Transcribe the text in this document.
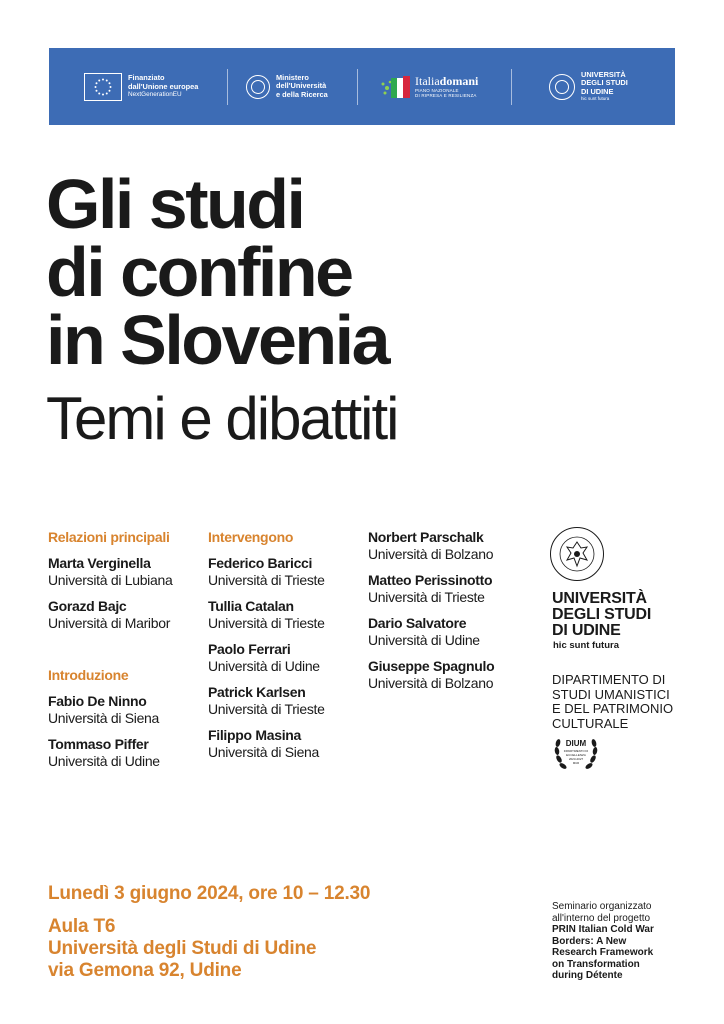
Finanziato
dall'Unione europea
NextGenerationEU
Ministero
dell'Università
e della Ricerca
Italiadomani
PIANO NAZIONALE
DI RIPRESA E RESILIENZA
UNIVERSITÀ
DEGLI STUDI
DI UDINE
hic sunt futura
Gli studi
di confine
in Slovenia
Temi e dibattiti
Relazioni principali
Marta Verginella
Università di Lubiana
Gorazd Bajc
Università di Maribor
Introduzione
Fabio De Ninno
Università di Siena
Tommaso Piffer
Università di Udine
Intervengono
Federico Baricci
Università di Trieste
Tullia Catalan
Università di Trieste
Paolo Ferrari
Università di Udine
Patrick Karlsen
Università di Trieste
Filippo Masina
Università di Siena
Norbert Parschalk
Università di Bolzano
Matteo Perissinotto
Università di Trieste
Dario Salvatore
Università di Udine
Giuseppe Spagnulo
Università di Bolzano
UNIVERSITÀ
DEGLI STUDI
DI UDINE
hic sunt futura
DIPARTIMENTO DI
STUDI UMANISTICI
E DEL PATRIMONIO
CULTURALE
DIUM
DIPARTIMENTO DI
ECCELLENZA
2023-2027
MUR
Lunedì 3 giugno 2024, ore 10 – 12.30
Aula T6
Università degli Studi di Udine
via Gemona 92, Udine
Seminario organizzato
all'interno del progetto
PRIN Italian Cold War
Borders: A New
Research Framework
on Transformation
during Détente
